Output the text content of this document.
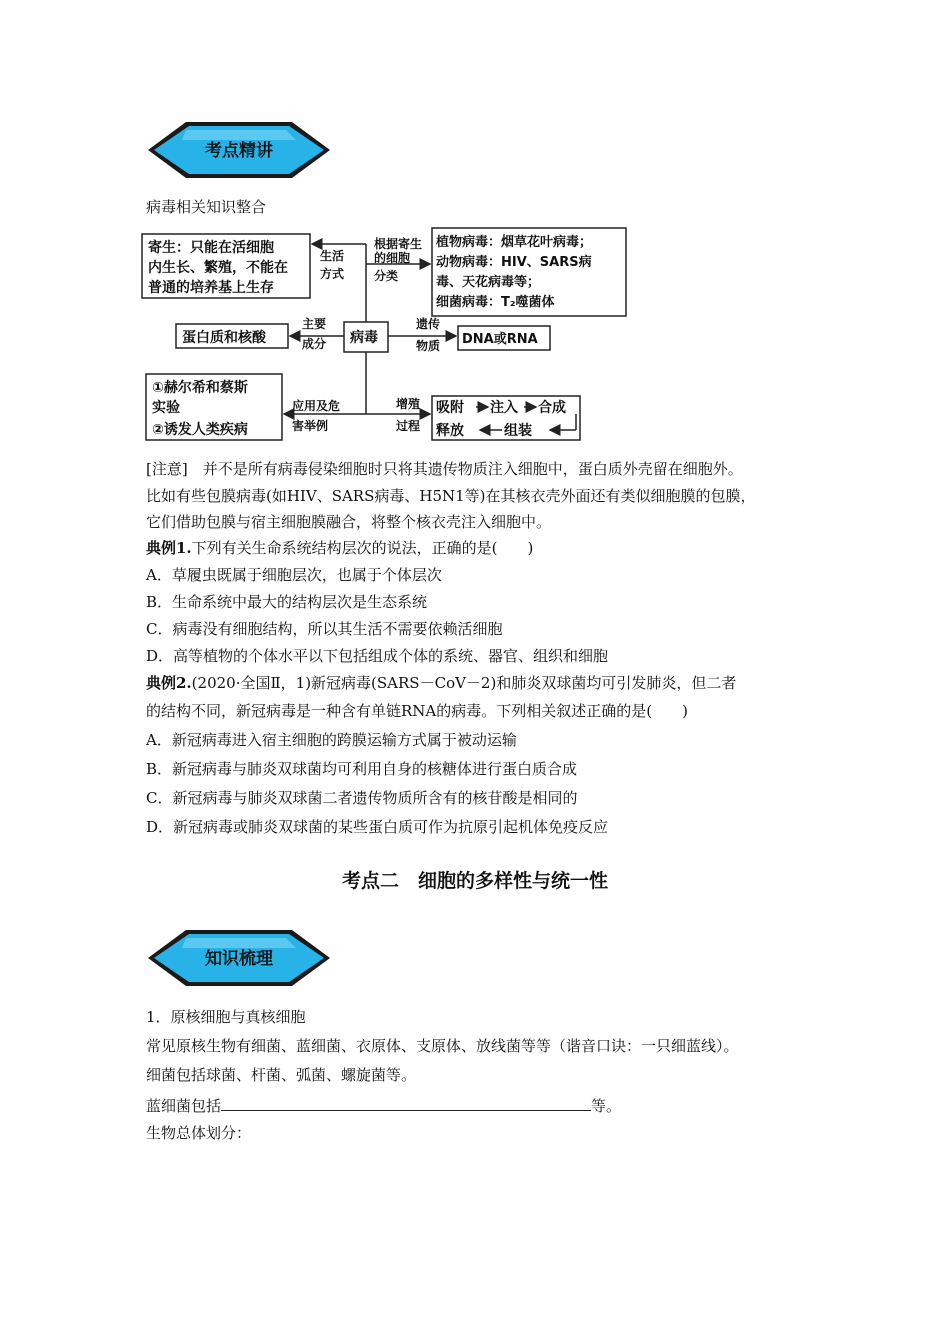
考点精讲
病毒相关知识整合
寄生：只能在活细胞
内生长、繁殖，不能在
普通的培养基上生存
蛋白质和核酸
①赫尔希和蔡斯
实验
②诱发人类疾病
病毒
植物病毒：烟草花叶病毒；
动物病毒：HIV、SARS病
毒、天花病毒等；
细菌病毒：T₂噬菌体
DNA或RNA
吸附 注入 合成
释放	组装
生活
方式
主要
成分
应用及危
害举例
根据寄生
的细胞
分类
遗传
物质
增殖
过程
[注意]　并不是所有病毒侵染细胞时只将其遗传物质注入细胞中，蛋白质外壳留在细胞外。
比如有些包膜病毒(如HIV、SARS病毒、H5N1等)在其核衣壳外面还有类似细胞膜的包膜，
它们借助包膜与宿主细胞膜融合，将整个核衣壳注入细胞中。
典例1.下列有关生命系统结构层次的说法，正确的是(　　)
A．草履虫既属于细胞层次，也属于个体层次
B．生命系统中最大的结构层次是生态系统
C．病毒没有细胞结构，所以其生活不需要依赖活细胞
D．高等植物的个体水平以下包括组成个体的系统、器官、组织和细胞
典例2.(2020·全国Ⅱ，1)新冠病毒(SARS－CoV－2)和肺炎双球菌均可引发肺炎，但二者
的结构不同，新冠病毒是一种含有单链RNA的病毒。下列相关叙述正确的是(　　)
A．新冠病毒进入宿主细胞的跨膜运输方式属于被动运输
B．新冠病毒与肺炎双球菌均可利用自身的核糖体进行蛋白质合成
C．新冠病毒与肺炎双球菌二者遗传物质所含有的核苷酸是相同的
D．新冠病毒或肺炎双球菌的某些蛋白质可作为抗原引起机体免疫反应
考点二　细胞的多样性与统一性
知识梳理
1．原核细胞与真核细胞
常见原核生物有细菌、蓝细菌、衣原体、支原体、放线菌等等（谐音口诀：一只细蓝线）。
细菌包括球菌、杆菌、弧菌、螺旋菌等。
蓝细菌包括	等。
生物总体划分：
